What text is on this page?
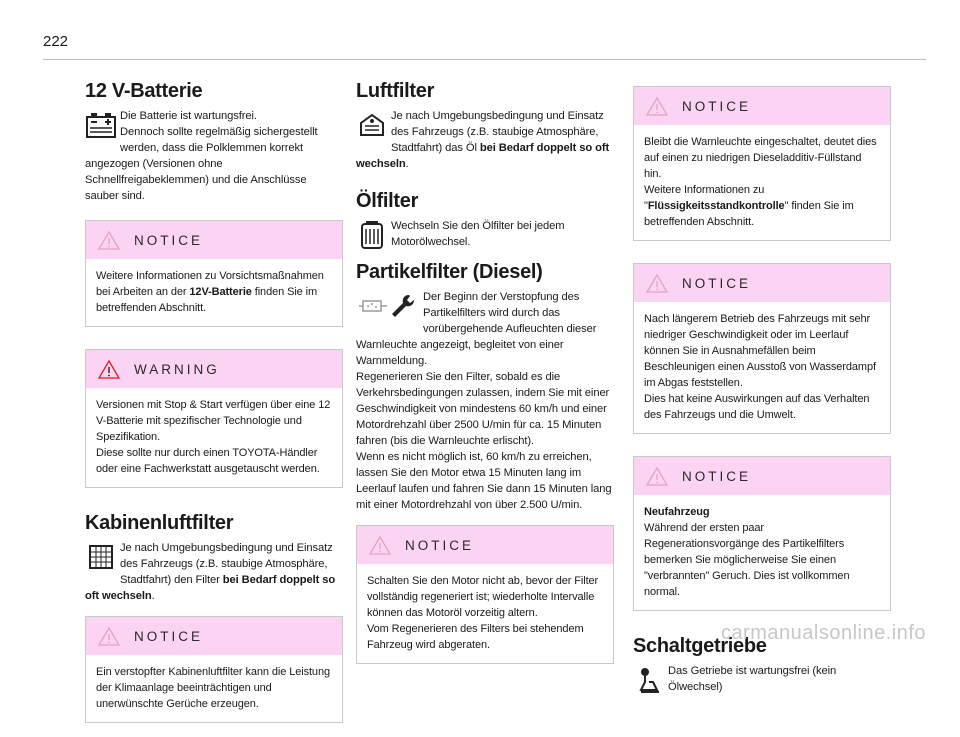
222
12 V-Batterie
Die Batterie ist wartungsfrei.
Dennoch sollte regelmäßig sichergestellt
werden, dass die Polklemmen korrekt angezogen (Versionen ohne Schnellfreigabeklemmen) und die Anschlüsse sauber sind.
NOTICE
Weitere Informationen zu Vorsichtsmaßnahmen bei Arbeiten an der 12V-Batterie finden Sie im betreffenden Abschnitt.
WARNING
Versionen mit Stop & Start verfügen über eine 12 V-Batterie mit spezifischer Technologie und Spezifikation.
Diese sollte nur durch einen TOYOTA-Händler oder eine Fachwerkstatt ausgetauscht werden.
Kabinenluftfilter
Je nach Umgebungsbedingung und Einsatz
des Fahrzeugs (z.B. staubige Atmosphäre,
Stadtfahrt) den Filter bei Bedarf doppelt so oft wechseln.
NOTICE
Ein verstopfter Kabinenluftfilter kann die Leistung der Klimaanlage beeinträchtigen und unerwünschte Gerüche erzeugen.
Luftfilter
Je nach Umgebungsbedingung und Einsatz
des Fahrzeugs (z.B. staubige Atmosphäre,
Stadtfahrt) das Öl bei Bedarf doppelt so oft wechseln.
Ölfilter
Wechseln Sie den Ölfilter bei jedem
Motorölwechsel.
Partikelfilter (Diesel)
Der Beginn der Verstopfung des
Partikelfilters wird durch das
vorübergehende Aufleuchten dieser Warnleuchte angezeigt, begleitet von einer Warnmeldung.
Regenerieren Sie den Filter, sobald es die Verkehrsbedingungen zulassen, indem Sie mit einer Geschwindigkeit von mindestens 60 km/h und einer Motordrehzahl über 2500 U/min für ca. 15 Minuten fahren (bis die Warnleuchte erlischt).
Wenn es nicht möglich ist, 60 km/h zu erreichen, lassen Sie den Motor etwa 15 Minuten lang im Leerlauf laufen und fahren Sie dann 15 Minuten lang mit einer Motordrehzahl von über 2.500 U/min.
NOTICE
Schalten Sie den Motor nicht ab, bevor der Filter vollständig regeneriert ist; wiederholte Intervalle können das Motoröl vorzeitig altern.
Vom Regenerieren des Filters bei stehendem Fahrzeug wird abgeraten.
NOTICE
Bleibt die Warnleuchte eingeschaltet, deutet dies auf einen zu niedrigen Dieseladditiv-Füllstand hin.
Weitere Informationen zu "Flüssigkeitsstandkontrolle" finden Sie im betreffenden Abschnitt.
NOTICE
Nach längerem Betrieb des Fahrzeugs mit sehr niedriger Geschwindigkeit oder im Leerlauf können Sie in Ausnahmefällen beim Beschleunigen einen Ausstoß von Wasserdampf im Abgas feststellen.
Dies hat keine Auswirkungen auf das Verhalten des Fahrzeugs und die Umwelt.
NOTICE
Neufahrzeug
Während der ersten paar Regenerationsvorgänge des Partikelfilters bemerken Sie möglicherweise Sie einen "verbrannten" Geruch. Dies ist vollkommen normal.
Schaltgetriebe
Das Getriebe ist wartungsfrei (kein Ölwechsel)
carmanualsonline.info
